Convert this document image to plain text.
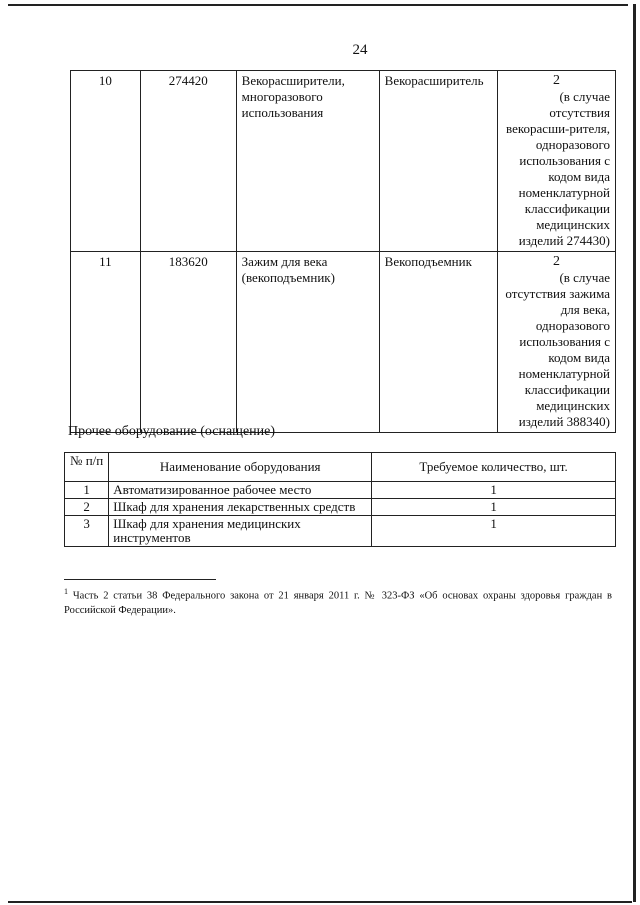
24
10	274420	Векорасширители, многоразового использования	Векорасширитель	2
(в случае отсутствия векорасши-рителя, одноразового использования с кодом вида номенклатурной классификации медицинских изделий 274430)

11	183620	Зажим для века (векоподъемник)	Векоподъемник	2
(в случае отсутствия зажима для века, одноразового использования с кодом вида номенклатурной классификации медицинских изделий 388340)
Прочее оборудование (оснащение)
№ п/п	Наименование оборудования	Требуемое количество, шт.
1	Автоматизированное рабочее место	1
2	Шкаф для хранения лекарственных средств	1
3	Шкаф для хранения медицинских инструментов	1
$^1$ Часть 2 статьи 38 Федерального закона от 21 января 2011 г. № 323-ФЗ «Об основах охраны здоровья граждан в Российской Федерации».
